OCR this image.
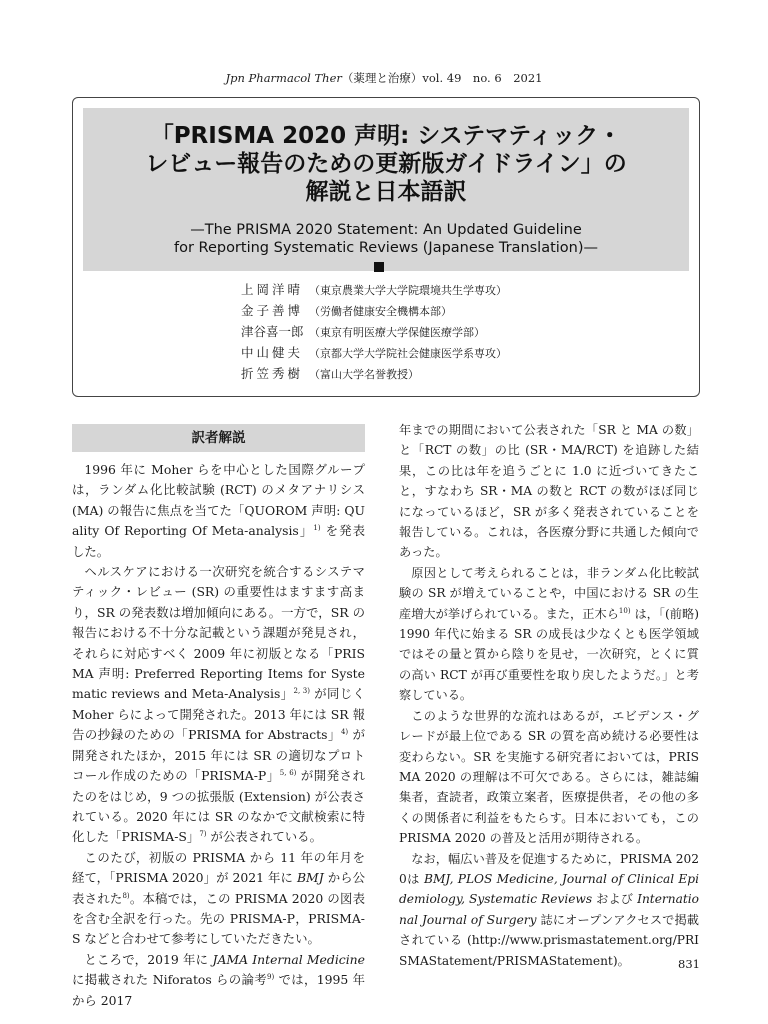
Jpn Pharmacol Ther（薬理と治療）vol. 49　no. 6　2021
「PRISMA 2020 声明: システマティック・
レビュー報告のための更新版ガイドライン」の
解説と日本語訳
—The PRISMA 2020 Statement: An Updated Guideline
for Reporting Systematic Reviews (Japanese Translation)—
上岡洋晴 （東京農業大学大学院環境共生学専攻）
金子善博 （労働者健康安全機構本部）
津谷喜一郎 （東京有明医療大学保健医療学部）
中山健夫 （京都大学大学院社会健康医学系専攻）
折笠秀樹 （富山大学名誉教授）
訳者解説

1996 年に Moher らを中心とした国際グループは，ランダム化比較試験 (RCT) のメタアナリシス (MA) の報告に焦点を当てた「QUOROM 声明: QUality Of Reporting Of Meta-analysis」$^{1)}$ を発表した。

ヘルスケアにおける一次研究を統合するシステマティック・レビュー (SR) の重要性はますます高まり，SR の発表数は増加傾向にある。一方で，SR の報告における不十分な記載という課題が発見され，それらに対応すべく 2009 年に初版となる「PRISMA 声明: Preferred Reporting Items for Systematic reviews and Meta-Analysis」$^{2, 3)}$ が同じく Moher らによって開発された。2013 年には SR 報告の抄録のための「PRISMA for Abstracts」$^{4)}$ が開発されたほか，2015 年には SR の適切なプロトコール作成のための「PRISMA-P」$^{5, 6)}$ が開発されたのをはじめ，9 つの拡張版 (Extension) が公表されている。2020 年には SR のなかで文献検索に特化した「PRISMA-S」$^{7)}$ が公表されている。

このたび，初版の PRISMA から 11 年の年月を経て，「PRISMA 2020」が 2021 年に BMJ から公表された$^{8)}$。本稿では，この PRISMA 2020 の図表を含む全訳を行った。先の PRISMA-P，PRISMA-S などと合わせて参考にしていただきたい。

ところで，2019 年に JAMA Internal Medicine に掲載された Niforatos らの論考$^{9)}$ では，1995 年から 2017

年までの期間において公表された「SR と MA の数」と「RCT の数」の比 (SR・MA/RCT) を追跡した結果，この比は年を追うごとに 1.0 に近づいてきたこと，すなわち SR・MA の数と RCT の数がほぼ同じになっているほど，SR が多く発表されていることを報告している。これは，各医療分野に共通した傾向であった。

原因として考えられることは，非ランダム化比較試験の SR が増えていることや，中国における SR の生産増大が挙げられている。また，正木ら$^{10)}$ は，「(前略) 1990 年代に始まる SR の成長は少なくとも医学領域ではその量と質から陰りを見せ，一次研究，とくに質の高い RCT が再び重要性を取り戻したようだ。」と考察している。

このような世界的な流れはあるが，エビデンス・グレードが最上位である SR の質を高め続ける必要性は変わらない。SR を実施する研究者においては，PRISMA 2020 の理解は不可欠である。さらには，雑誌編集者，査読者，政策立案者，医療提供者，その他の多くの関係者に利益をもたらす。日本においても，この PRISMA 2020 の普及と活用が期待される。

なお，幅広い普及を促進するために，PRISMA 2020は BMJ, PLOS Medicine, Journal of Clinical Epidemiology, Systematic Reviews および International Journal of Surgery 誌にオープンアクセスで掲載されている (http://www.prismastatement.org/PRISMAStatement/PRISMAStatement)。	831
